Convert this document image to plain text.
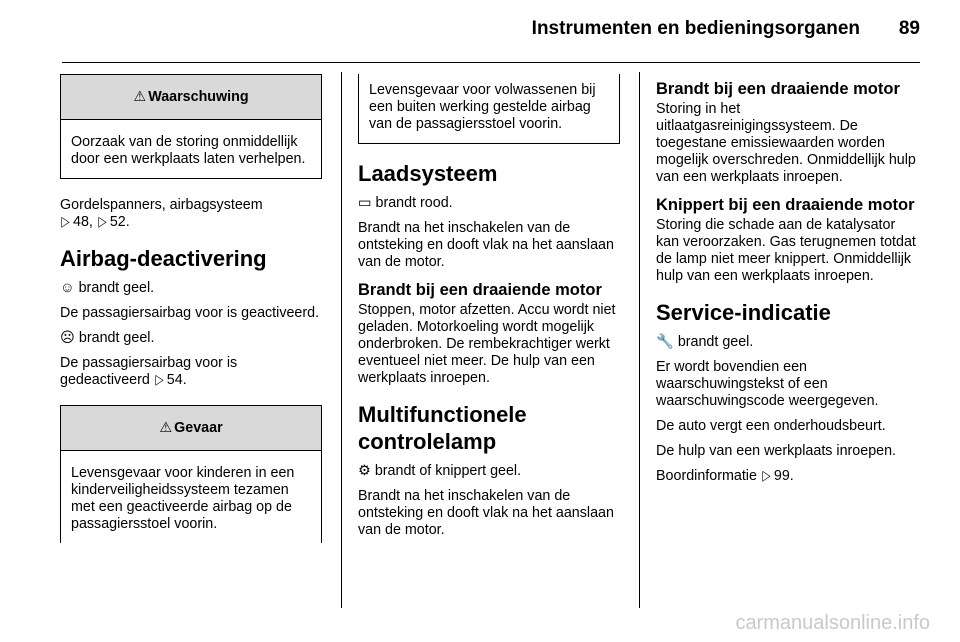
Instrumenten en bedieningsorganen	89
⚠ Waarschuwing
Oorzaak van de storing onmiddellijk door een werkplaats laten verhelpen.

Gordelspanners, airbagsysteem
▷ 48, ▷ 52.

Airbag-deactivering

☺ brandt geel.

De passagiersairbag voor is geactiveerd.

☹ brandt geel.

De passagiersairbag voor is gedeactiveerd ▷ 54.

⚠ Gevaar
Levensgevaar voor kinderen in een kinderveiligheidssysteem tezamen met een geactiveerde airbag op de passagiersstoel voorin.
Levensgevaar voor volwassenen bij een buiten werking gestelde airbag van de passagiersstoel voorin.
Laadsysteem

▭ brandt rood.

Brandt na het inschakelen van de ontsteking en dooft vlak na het aanslaan van de motor.

Brandt bij een draaiende motor

Stoppen, motor afzetten. Accu wordt niet geladen. Motorkoeling wordt mogelijk onderbroken. De rembekrachtiger werkt eventueel niet meer. De hulp van een werkplaats inroepen.

Multifunctionele controlelamp

⚙ brandt of knippert geel.

Brandt na het inschakelen van de ontsteking en dooft vlak na het aanslaan van de motor.

Brandt bij een draaiende motor

Storing in het uitlaatgasreinigingssysteem. De toegestane emissiewaarden worden mogelijk overschreden. Onmiddellijk hulp van een werkplaats inroepen.

Knippert bij een draaiende motor

Storing die schade aan de katalysator kan veroorzaken. Gas terugnemen totdat de lamp niet meer knippert. Onmiddellijk hulp van een werkplaats inroepen.

Service-indicatie

🔧 brandt geel.

Er wordt bovendien een waarschuwingstekst of een waarschuwingscode weergegeven.

De auto vergt een onderhoudsbeurt.

De hulp van een werkplaats inroepen.

Boordinformatie ▷ 99.

carmanualsonline.info
